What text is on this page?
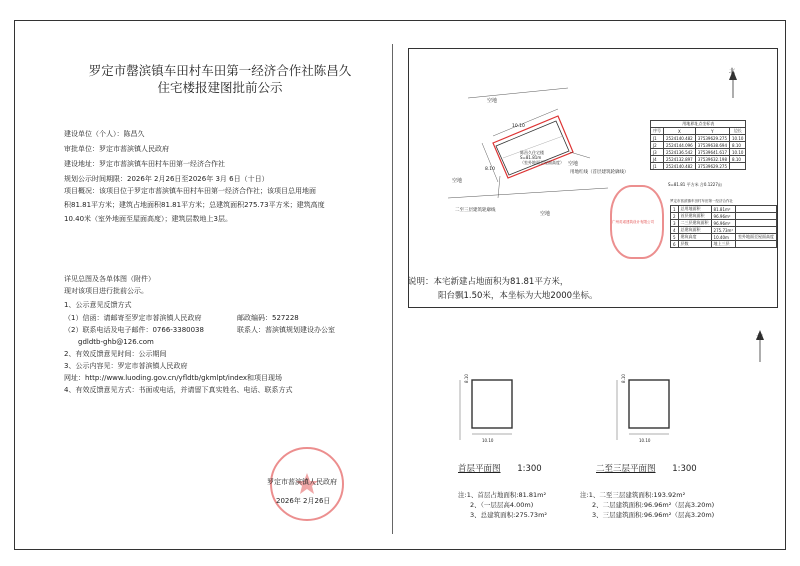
罗定市罄滨镇车田村车田第一经济合作社陈昌久
住宅楼报建图批前公示
建设单位（个人）：陈昌久
审批单位：罗定市䓊滨镇人民政府
建设地址：罗定市䓊滨镇车田村车田第一经济合作社
规划公示时间期限：2026年 2月26日至2026年 3月 6日（十日）
项目概况：该项目位于罗定市䓊滨镇车田村车田第一经济合作社；该项目总用地面
积81.81平方米；建筑占地面积81.81平方米；总建筑面积275.73平方米；建筑高度
10.40米（室外地面至屋面高度）；建筑层数地上3层。
详见总图及各单体图（附件）
现对该项目进行批前公示。
1、公示意见反馈方式
（1）信函：请邮寄至罗定市䓊滨镇人民政府	邮政编码：527228
（2）联系电话及电子邮件：0766-3380038	联系人：䓊滨镇规划建设办公室
gdldtb-ghb@126.com
2、有效反馈意见时间：公示期间
3、公示内容见：罗定市䓊滨镇人民政府
网址：http://www.luoding.gov.cn/yfldtb/gkmlpt/index和项目现场
4、有效反馈意见方式：书面或电话，并请留下真实姓名、电话、联系方式
罗定市䓊滨镇人民政府
2026年 2月26日
北
空地
空地
空地
空地
陈昌久住宅楼
S=81.81m
（室外地面至屋面高度）
10.10
8.10
用地红线（首层建筑轮廓线）
二至三层建筑轮廓线
用地界址点坐标表			
序号	X	Y	边长
J1	2524140.482	37539629.275	10.10
J2	2524144.096	37539638.694	8.10
J3	2524136.542	37539641.617	10.10
J4	2524132.897	37539632.198	8.10
J1	2524140.482	37539629.275	
S=81.81 平方米 合0.1227亩
罗定市䓊滨镇车田村车田第一经济合作社
1	总用地面积	81.81m²	
2	首层建筑面积	96.96m²	
3	二三层建筑面积	96.96m²	
4	总建筑面积	275.73m²	
5	建筑高度	10.40m	室外地面至屋面高度
6	层数	地上三层	
广州英诺建筑设计有限公司
说明：本宅新建占地面积为81.81平方米，
阳台飘1.50米，本坐标为大地2000坐标。
北
8.10
10.10
8.10
10.10
首层平面图 1:300	二至三层平面图 1:300
注:1、首层占地面积:81.81m²
2、（一层层高4.00m)
3、总建筑面积:275.73m²
注:1、二至三层建筑面积:193.92m²
2、二层建筑面积:96.96m²（层高3.20m)
3、三层建筑面积:96.96m²（层高3.20m)
